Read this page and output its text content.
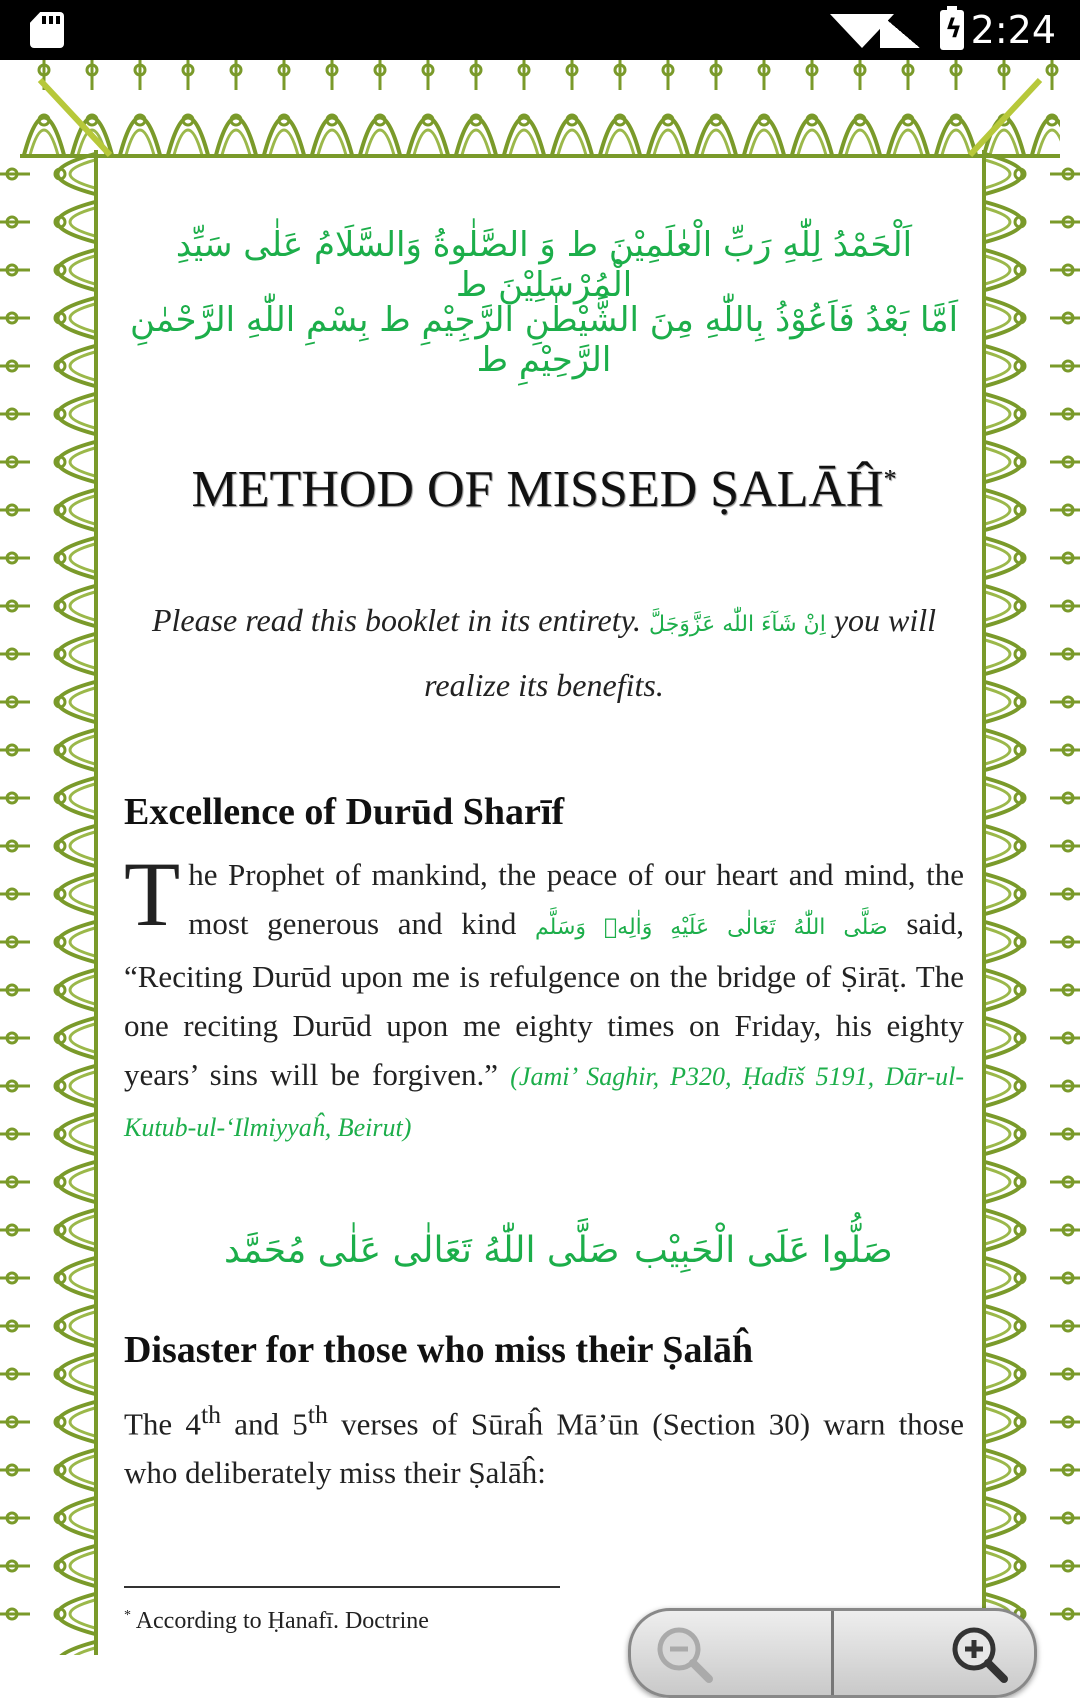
ϟ 2:24
اَلْحَمْدُ لِلّٰهِ رَبِّ الْعٰلَمِيْنَ ط وَ الصَّلٰوةُ وَالسَّلَامُ عَلٰى سَيِّدِ الْمُرْسَلِيْنَ ط
اَمَّا بَعْدُ فَاَعُوْذُ بِاللّٰهِ مِنَ الشَّيْطٰنِ الرَّجِيْمِ ط بِسْمِ اللّٰهِ الرَّحْمٰنِ الرَّحِيْمِ ط
METHOD OF MISSED ṢALĀĤ*
Please read this booklet in its entirety. اِنْ شَآءَ اللّٰه عَزَّوَجَلَّ you will realize its benefits.
Excellence of Durūd Sharīf
The Prophet of mankind, the peace of our heart and mind, the most generous and kind صَلَّى اللّٰهُ تَعَالٰى عَلَيْهِ وَاٰلِهٖ وَسَلَّم said, “Reciting Durūd upon me is refulgence on the bridge of Ṣirāṭ. The one reciting Durūd upon me eighty times on Friday, his eighty years’ sins will be forgiven.” (Jami’ Saghir, P320, Ḥadīš 5191, Dār-ul-Kutub-ul-‘Ilmiyyaĥ, Beirut)
صَلَّى اللّٰهُ تَعَالٰى عَلٰى مُحَمَّد صَلُّوا عَلَى الْحَبِيْب
Disaster for those who miss their Ṣalāĥ
The 4th and 5th verses of Sūraĥ Mā’ūn (Section 30) warn those who deliberately miss their Ṣalāĥ:
* According to Ḥanafī. Doctrine
